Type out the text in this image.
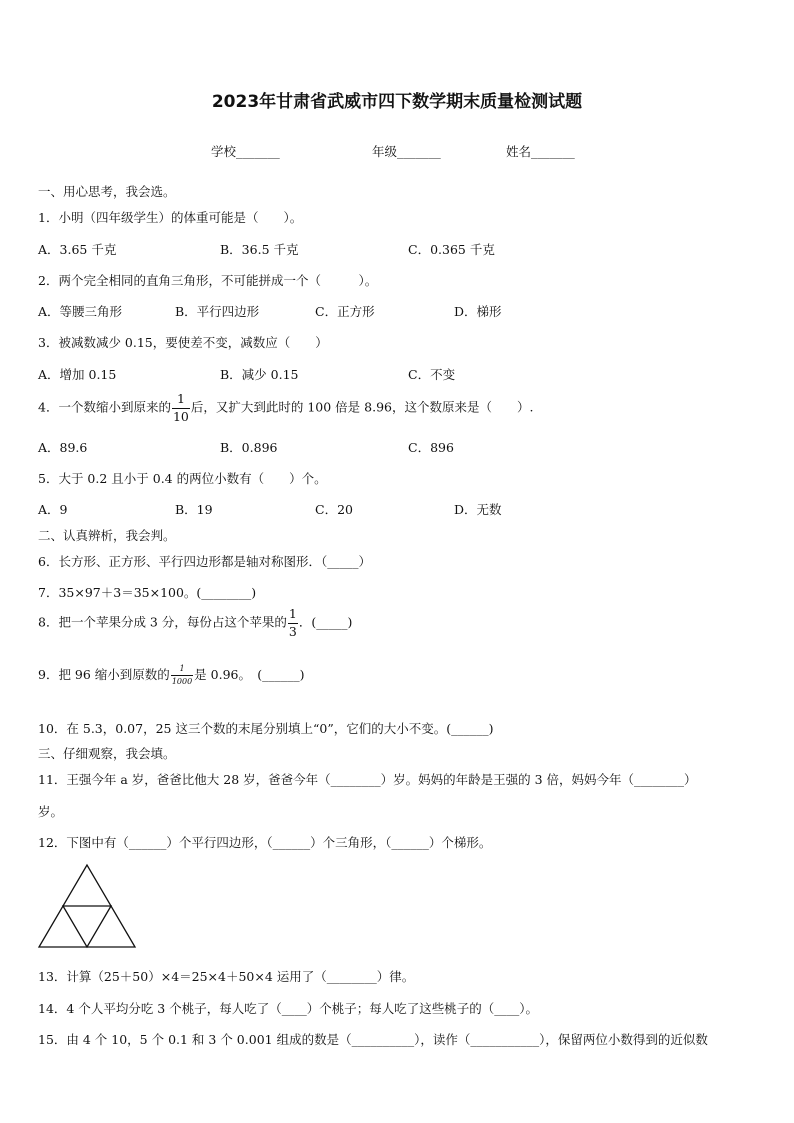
2023年甘肃省武威市四下数学期末质量检测试题
学校_______	年级_______	姓名_______
一、用心思考，我会选。
1．小明（四年级学生）的体重可能是（　　）。
A．3.65 千克	B．36.5 千克	C．0.365 千克
2．两个完全相同的直角三角形，不可能拼成一个（　　　）。
A．等腰三角形	B．平行四边形	C．正方形	D．梯形
3．被减数减少 0.15，要使差不变，减数应（　　）
A．增加 0.15	B．减少 0.15	C．不变
4．一个数缩小到原来的 $\frac{1}{10}$ 后，又扩大到此时的 100 倍是 8.96，这个数原来是（　　）.
A．89.6	B．0.896	C．896
5．大于 0.2 且小于 0.4 的两位小数有（　　）个。
A．9	B．19	C．20	D．无数
二、认真辨析，我会判。
6．长方形、正方形、平行四边形都是轴对称图形．（_____）
7．35×97＋3＝35×100。(________)
8．把一个苹果分成 3 分，每份占这个苹果的 $\frac{1}{3}$ ．(_____)
9．把 96 缩小到原数的 $\frac{1}{1000}$ 是 0.96。　(______)
10．在 5.3，0.07，25 这三个数的末尾分别填上“0”，它们的大小不变。(______)
三、仔细观察，我会填。
11．王强今年 a 岁，爸爸比他大 28 岁，爸爸今年（________）岁。妈妈的年龄是王强的 3 倍，妈妈今年（________）
岁。
12．下图中有（______）个平行四边形，（______）个三角形，（______）个梯形。
13．计算（25＋50）×4＝25×4＋50×4 运用了（________）律。
14．4 个人平均分吃 3 个桃子，每人吃了（____）个桃子；每人吃了这些桃子的（____）。
15．由 4 个 10，5 个 0.1 和 3 个 0.001 组成的数是（__________），读作（___________），保留两位小数得到的近似数
